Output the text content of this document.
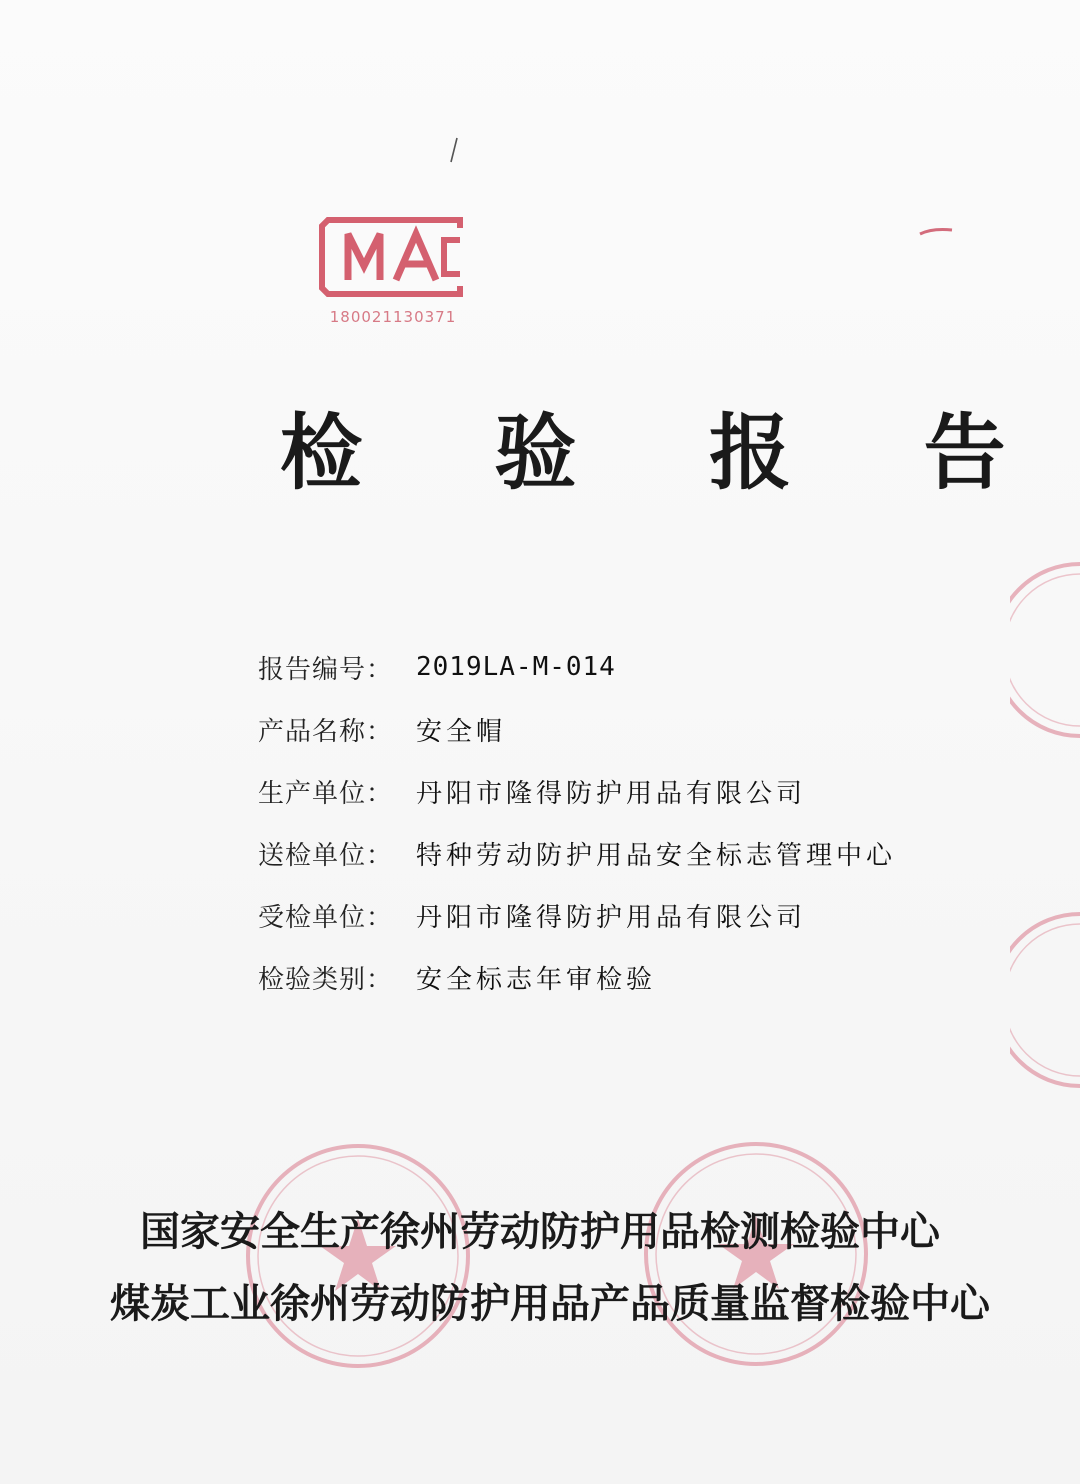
180021130371
检 验 报 告
报告编号： 2019LA-M-014
产品名称： 安全帽
生产单位： 丹阳市隆得防护用品有限公司
送检单位： 特种劳动防护用品安全标志管理中心
受检单位： 丹阳市隆得防护用品有限公司
检验类别： 安全标志年审检验
国家安全生产徐州劳动防护用品检测检验中心
煤炭工业徐州劳动防护用品产品质量监督检验中心
